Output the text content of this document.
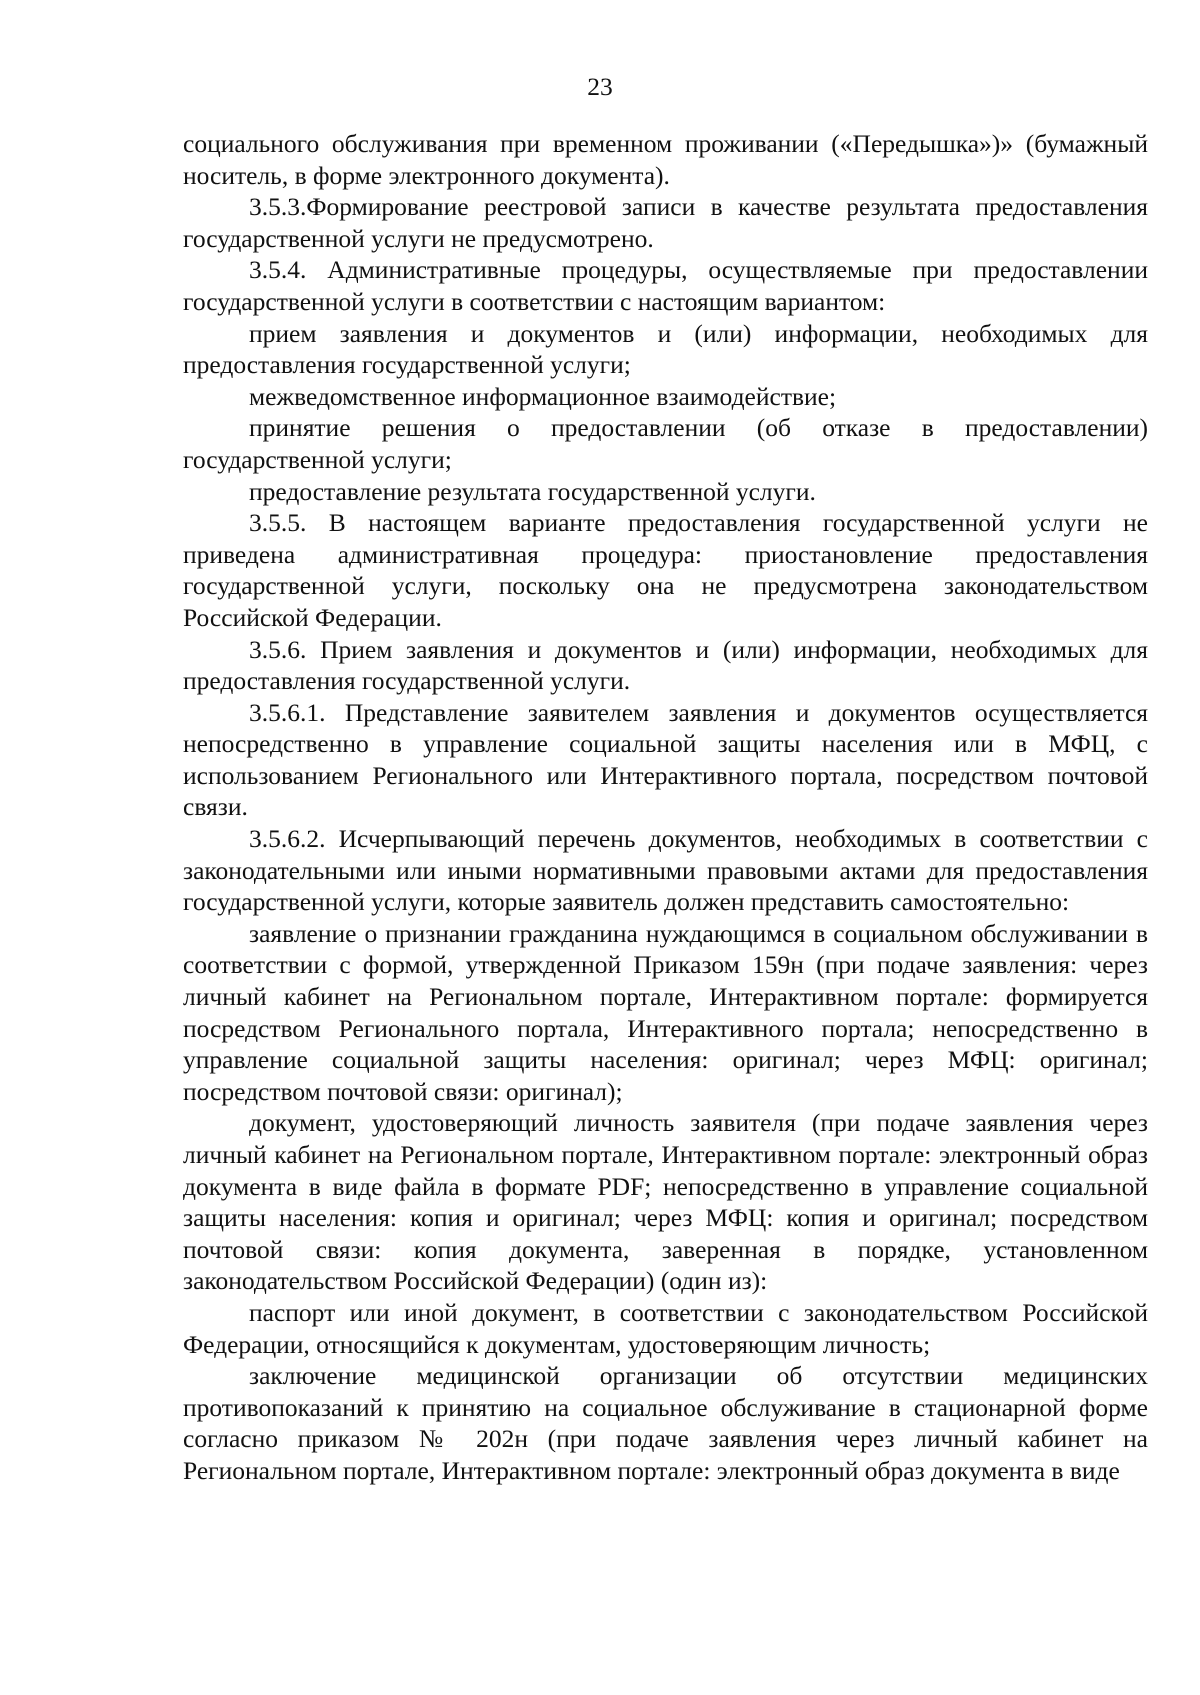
23

социального обслуживания при временном проживании («Передышка»)» (бумажный носитель, в форме электронного документа).

3.5.3.Формирование реестровой записи в качестве результата предоставления государственной услуги не предусмотрено.

3.5.4. Административные процедуры, осуществляемые при предоставлении государственной услуги в соответствии с настоящим вариантом:

прием заявления и документов и (или) информации, необходимых для предоставления государственной услуги;

межведомственное информационное взаимодействие;

принятие решения о предоставлении (об отказе в предоставлении) государственной услуги;

предоставление результата государственной услуги.

3.5.5. В настоящем варианте предоставления государственной услуги не приведена административная процедура: приостановление предоставления государственной услуги, поскольку она не предусмотрена законодательством Российской Федерации.

3.5.6. Прием заявления и документов и (или) информации, необходимых для предоставления государственной услуги.

3.5.6.1. Представление заявителем заявления и документов осуществляется непосредственно в управление социальной защиты населения или в МФЦ, с использованием Регионального или Интерактивного портала, посредством почтовой связи.

3.5.6.2. Исчерпывающий перечень документов, необходимых в соответствии с законодательными или иными нормативными правовыми актами для предоставления государственной услуги, которые заявитель должен представить самостоятельно:

заявление о признании гражданина нуждающимся в социальном обслуживании в соответствии с формой, утвержденной Приказом 159н (при подаче заявления: через личный кабинет на Региональном портале, Интерактивном портале: формируется посредством Регионального портала, Интерактивного портала; непосредственно в управление социальной защиты населения: оригинал; через МФЦ: оригинал; посредством почтовой связи: оригинал);

документ, удостоверяющий личность заявителя (при подаче заявления через личный кабинет на Региональном портале, Интерактивном портале: электронный образ документа в виде файла в формате PDF; непосредственно в управление социальной защиты населения: копия и оригинал; через МФЦ: копия и оригинал; посредством почтовой связи: копия документа, заверенная в порядке, установленном законодательством Российской Федерации) (один из):

паспорт или иной документ, в соответствии с законодательством Российской Федерации, относящийся к документам, удостоверяющим личность;

заключение медицинской организации об отсутствии медицинских противопоказаний к принятию на социальное обслуживание в стационарной форме согласно приказом № 202н (при подаче заявления через личный кабинет на Региональном портале, Интерактивном портале: электронный образ документа в виде
